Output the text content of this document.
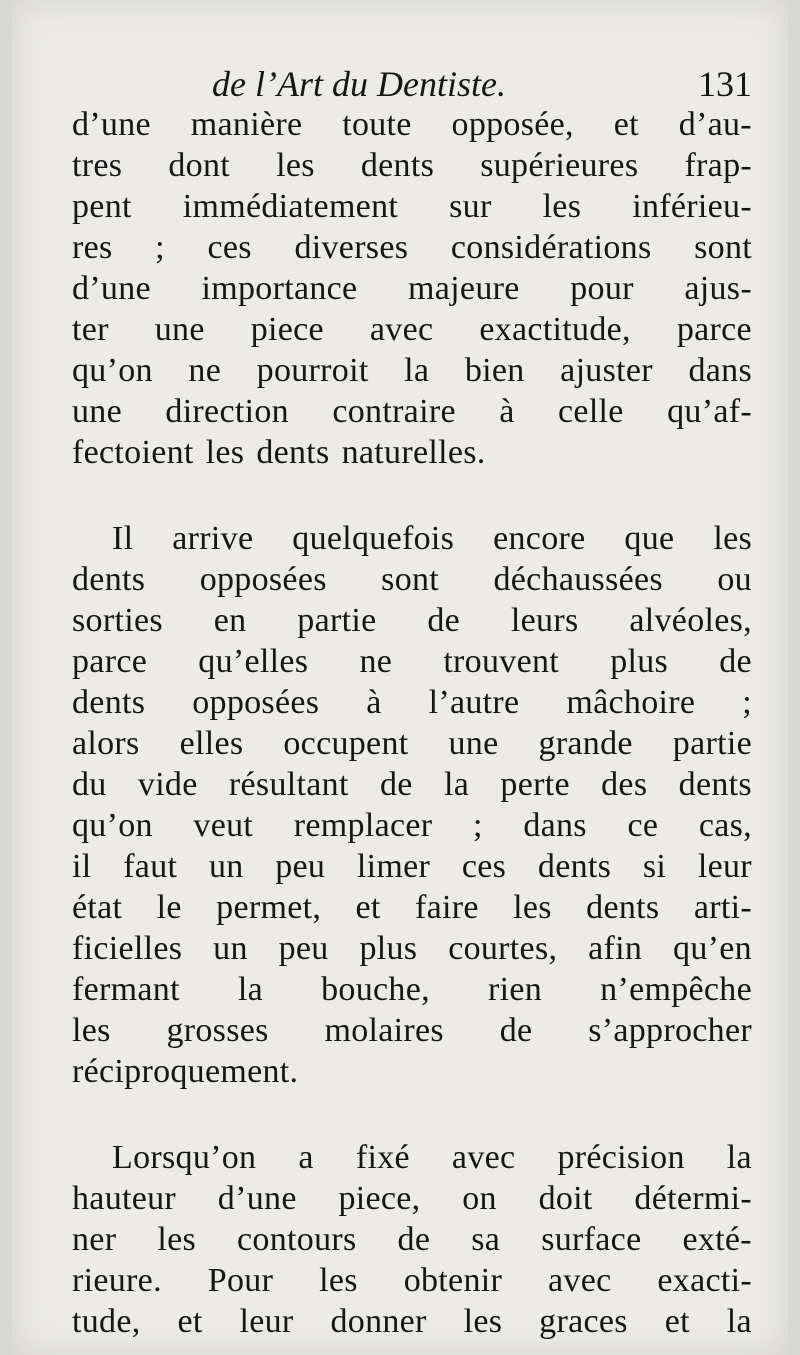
de l’Art du Dentiste.	131
d’une manière toute opposée, et d’au-
tres dont les dents supérieures frap-
pent immédiatement sur les inférieu-
res ; ces diverses considérations sont
d’une importance majeure pour ajus-
ter une piece avec exactitude, parce
qu’on ne pourroit la bien ajuster dans
une direction contraire à celle qu’af-
fectoient les dents naturelles.
Il arrive quelquefois encore que les
dents opposées sont déchaussées ou
sorties en partie de leurs alvéoles,
parce qu’elles ne trouvent plus de
dents opposées à l’autre mâchoire ;
alors elles occupent une grande partie
du vide résultant de la perte des dents
qu’on veut remplacer ; dans ce cas,
il faut un peu limer ces dents si leur
état le permet, et faire les dents arti-
ficielles un peu plus courtes, afin qu’en
fermant la bouche, rien n’empêche
les grosses molaires de s’approcher
réciproquement.
Lorsqu’on a fixé avec précision la
hauteur d’une piece, on doit détermi-
ner les contours de sa surface exté-
rieure. Pour les obtenir avec exacti-
tude, et leur donner les graces et la
